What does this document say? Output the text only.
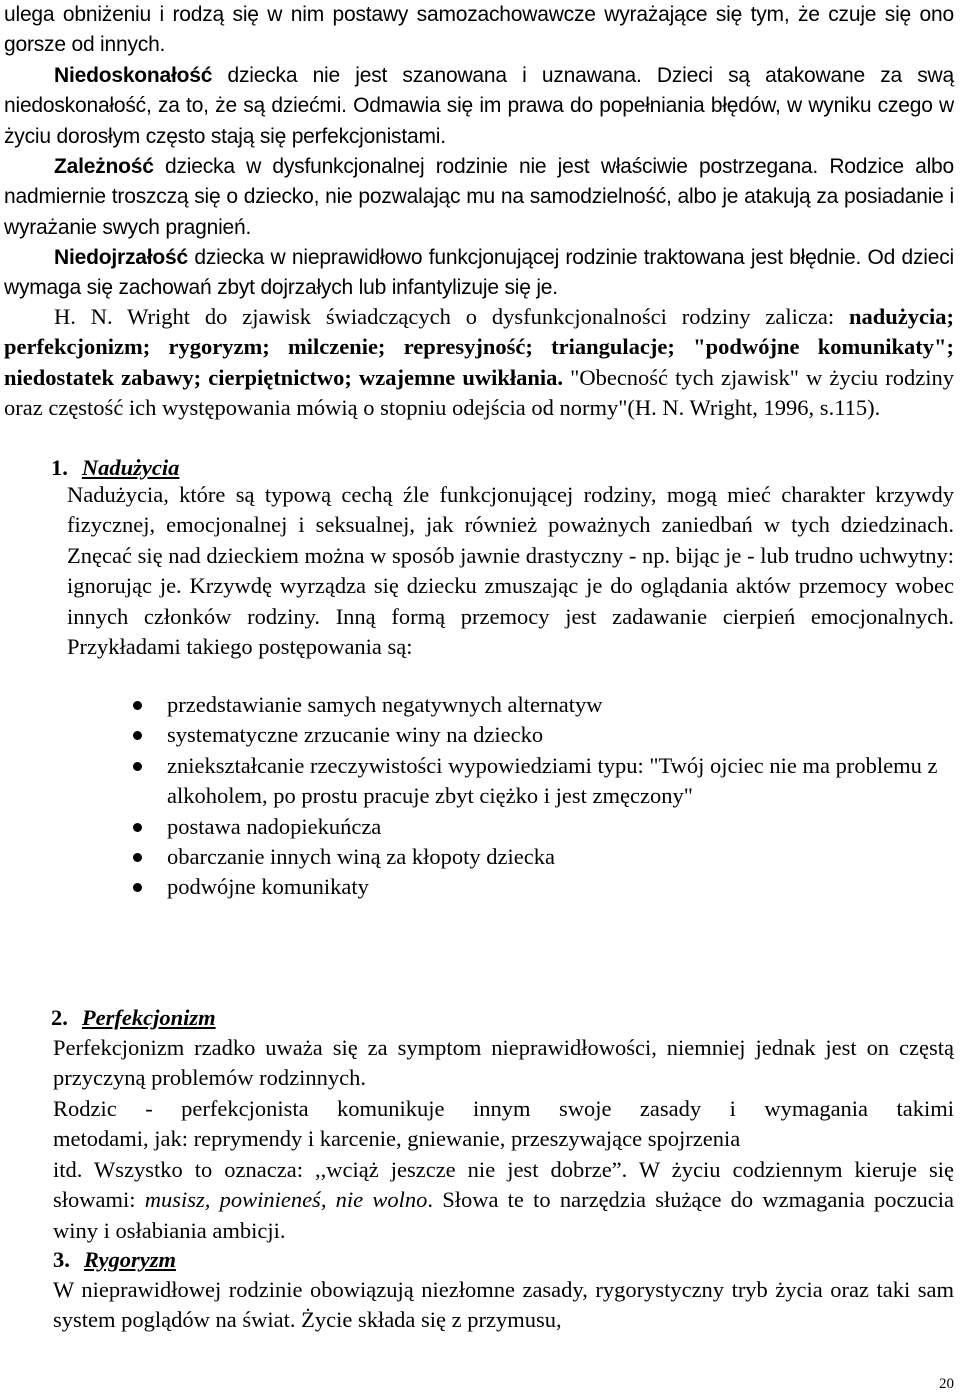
ulega obniżeniu i rodzą się w nim postawy samozachowawcze wyrażające się tym, że czuje się ono gorsze od innych.

Niedoskonałość dziecka nie jest szanowana i uznawana. Dzieci są atakowane za swą niedoskonałość, za to, że są dziećmi. Odmawia się im prawa do popełniania błędów, w wyniku czego w życiu dorosłym często stają się perfekcjonistami.

Zależność dziecka w dysfunkcjonalnej rodzinie nie jest właściwie postrzegana. Rodzice albo nadmiernie troszczą się o dziecko, nie pozwalając mu na samodzielność, albo je atakują za posiadanie i wyrażanie swych pragnień.

Niedojrzałość dziecka w nieprawidłowo funkcjonującej rodzinie traktowana jest błędnie. Od dzieci wymaga się zachowań zbyt dojrzałych lub infantylizuje się je.

H. N. Wright do zjawisk świadczących o dysfunkcjonalności rodziny zalicza: nadużycia; perfekcjonizm; rygoryzm; milczenie; represyjność; triangulacje; "podwójne komunikaty"; niedostatek zabawy; cierpiętnictwo; wzajemne uwikłania. "Obecność tych zjawisk" w życiu rodziny oraz częstość ich występowania mówią o stopniu odejścia od normy"(H. N. Wright, 1996, s.115).

1. Nadużycia

Nadużycia, które są typową cechą źle funkcjonującej rodziny, mogą mieć charakter krzywdy fizycznej, emocjonalnej i seksualnej, jak również poważnych zaniedbań w tych dziedzinach. Znęcać się nad dzieckiem można w sposób jawnie drastyczny - np. bijąc je - lub trudno uchwytny: ignorując je. Krzywdę wyrządza się dziecku zmuszając je do oglądania aktów przemocy wobec innych członków rodziny. Inną formą przemocy jest zadawanie cierpień emocjonalnych. Przykładami takiego postępowania są:

przedstawianie samych negatywnych alternatyw
systematyczne zrzucanie winy na dziecko
zniekształcanie rzeczywistości wypowiedziami typu: "Twój ojciec nie ma problemu z alkoholem, po prostu pracuje zbyt ciężko i jest zmęczony"
postawa nadopiekuńcza
obarczanie innych winą za kłopoty dziecka
podwójne komunikaty

2. Perfekcjonizm

Perfekcjonizm rzadko uważa się za symptom nieprawidłowości, niemniej jednak jest on częstą przyczyną problemów rodzinnych.

Rodzic - perfekcjonista komunikuje innym swoje zasady i wymagania takimi
metodami, jak: reprymendy i karcenie, gniewanie, przeszywające spojrzenia
itd. Wszystko to oznacza: ,,wciąż jeszcze nie jest dobrze”. W życiu codziennym kieruje się słowami: musisz, powinieneś, nie wolno. Słowa te to narzędzia służące do wzmagania poczucia winy i osłabiania ambicji.

3. Rygoryzm

W nieprawidłowej rodzinie obowiązują niezłomne zasady, rygorystyczny tryb życia oraz taki sam system poglądów na świat. Życie składa się z przymusu,

20
